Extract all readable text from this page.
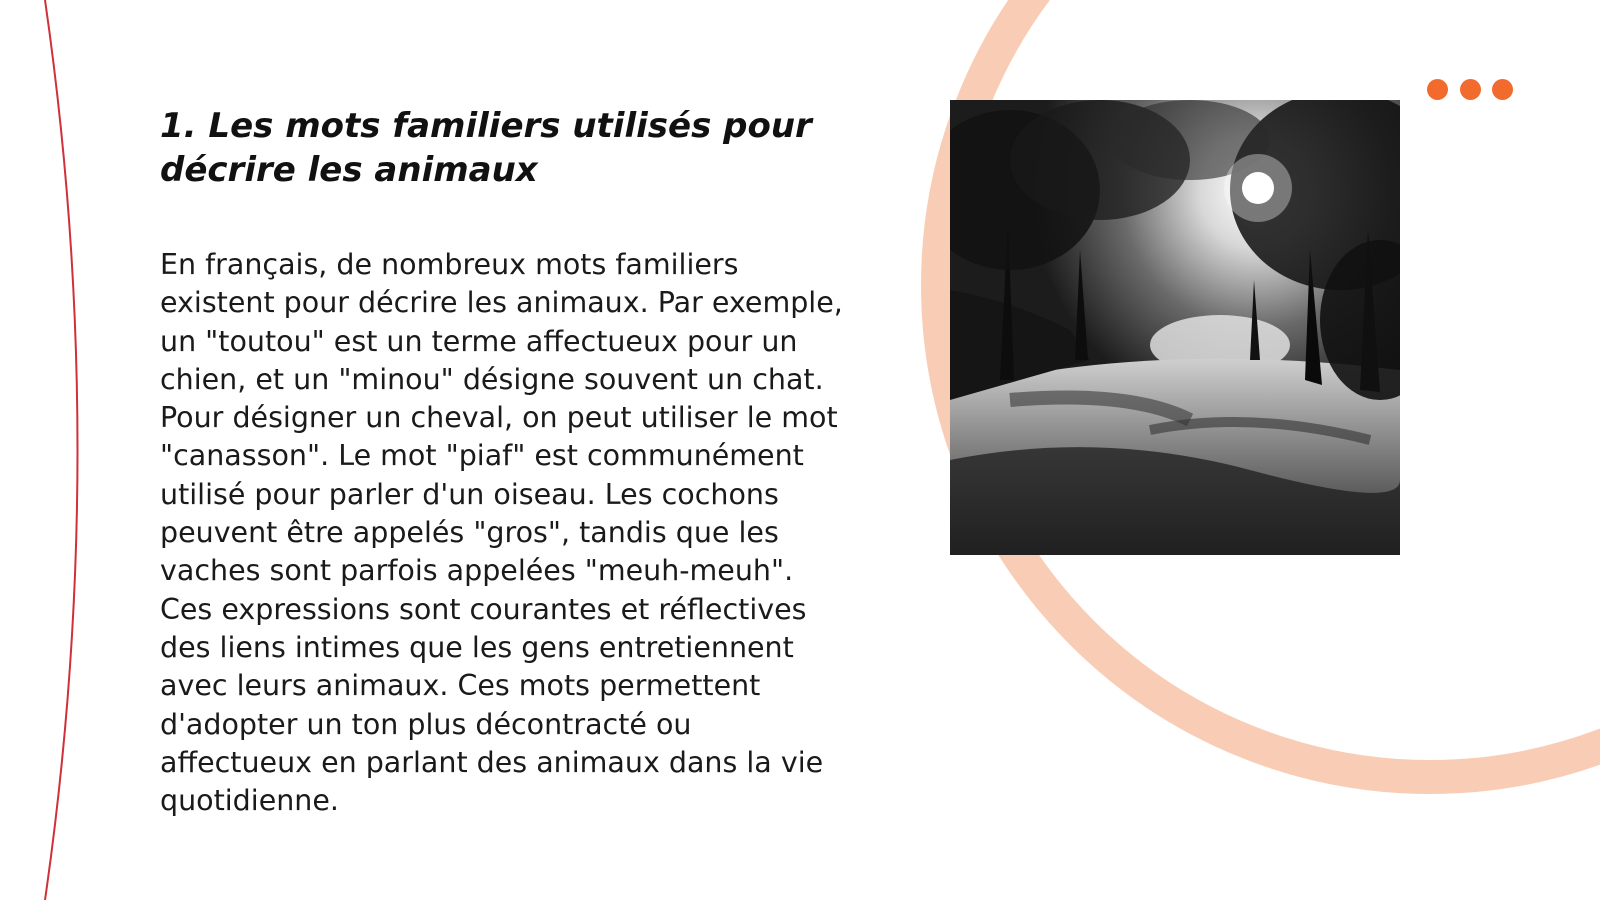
1. Les mots familiers utilisés pour décrire les animaux

En français, de nombreux mots familiers existent pour décrire les animaux. Par exemple, un "toutou" est un terme affectueux pour un chien, et un "minou" désigne souvent un chat. Pour désigner un cheval, on peut utiliser le mot "canasson". Le mot "piaf" est communément utilisé pour parler d'un oiseau. Les cochons peuvent être appelés "gros", tandis que les vaches sont parfois appelées "meuh-meuh". Ces expressions sont courantes et réflectives des liens intimes que les gens entretiennent avec leurs animaux. Ces mots permettent d'adopter un ton plus décontracté ou affectueux en parlant des animaux dans la vie quotidienne.
